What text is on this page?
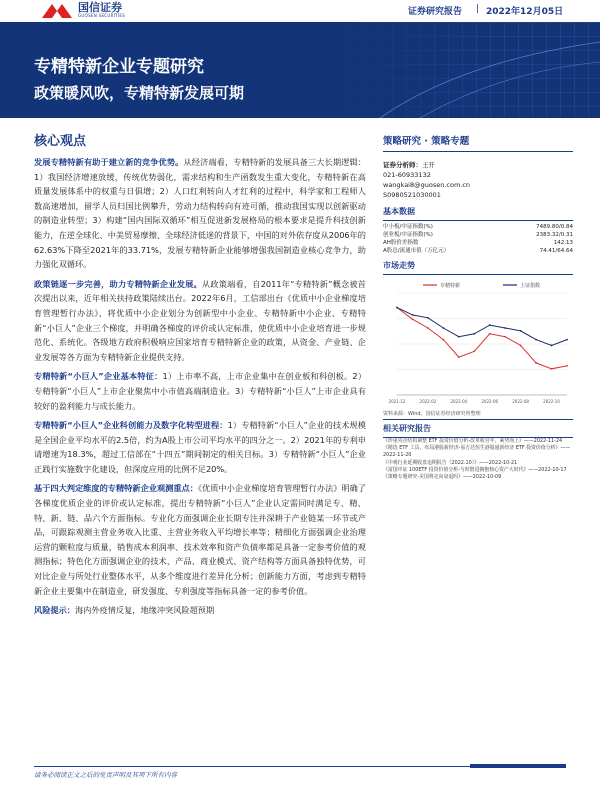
国信证券
GUOSEN SECURITIES	证券研究报告 | 2022年12月05日
专精特新企业专题研究
政策暖风吹，专精特新发展可期
核心观点

发展专精特新有助于建立新的竞争优势。从经济端看，专精特新的发展具备三大长期逻辑：1）我国经济增速放缓，传统优势弱化，需求结构和生产函数发生重大变化，专精特新在高质量发展体系中的权重与日俱增；2）人口红利转向人才红利的过程中，科学家和工程师人数高速增加，留学人员归国比例攀升，劳动力结构转向有迹可循，推动我国实现以创新驱动的制造业转型；3）构建“国内国际双循环”相互促进新发展格局的根本要求是提升科技创新能力，在逆全球化、中美贸易摩擦、全球经济低迷的背景下，中国的对外依存度从2006年的62.63%下降至2021年的33.71%，发展专精特新企业能够增强我国制造业核心竞争力，助力强化双循环。

政策链逐一步完善，助力专精特新企业发展。从政策端看，自2011年“专精特新”概念被首次提出以来，近年相关扶持政策陆续出台。2022年6月，工信部出台《优质中小企业梯度培育管理暂行办法》，将优质中小企业划分为创新型中小企业、专精特新中小企业、专精特新“小巨人”企业三个梯度，并明确各梯度的评价或认定标准，使优质中小企业培育进一步规范化、系统化。各级地方政府积极响应国家培育专精特新企业的政策，从资金、产业链、企业发展等各方面为专精特新企业提供支持。

专精特新“小巨人”企业基本特征：1）上市率不高，上市企业集中在创业板和科创板。2）专精特新“小巨人”上市企业聚焦中小市值高端制造业。3）专精特新“小巨人”上市企业具有较好的盈利能力与成长能力。

专精特新“小巨人”企业科创能力及数字化转型进程：1）专精特新“小巨人”企业的技术规模是全国企业平均水平的2.5倍，约为A股上市公司平均水平的四分之一。2）2021年的专利申请增速为18.3%，超过工信部在“十四五”期间制定的相关目标。3）专精特新“小巨人”企业正践行实施数字化建设，但深度应用的比例不足20%。

基于四大判定维度的专精特新企业观测重点：《优质中小企业梯度培育管理暂行办法》明确了各梯度优质企业的评价或认定标准，提出专精特新“小巨人”企业认定需同时满足专、精、特、新、链、品六个方面指标。专业化方面强调企业长期专注并深耕于产业链某一环节或产品，可跟踪观测主营业务收入比重、主营业务收入平均增长率等；精细化方面强调企业治理运营的颗粒度与质量，销售成本利润率、技术效率和资产负债率都是具备一定参考价值的观测指标；特色化方面强调企业的技术、产品、商业模式、资产结构等方面具备独特优势，可对比企业与所处行业整体水平，从多个维度进行差异化分析；创新能力方面，考虑到专精特新企业主要集中在制造业，研发强度、专利强度等指标具备一定的参考价值。

风险提示：海内外疫情反复，地缘冲突风险超预期

策略研究 · 策略专题
证券分析师：王开
021-60933132
wangkai8@guosen.com.cn
S0980521030001
基本数据
中小板/中证指数(%)	7489.80/0.84
创业板/中证指数(%)	2383.32/0.31
AH股价差指数	142.13
A股总/流通市值（万亿元）	74.41/64.64
市场走势
专精特新	上证指数
2021-12	2022-02	2022-04	2022-06	2022-08	2022-10
资料来源：Wind、国信证券经济研究所整理
相关研究报告
《珍重央企结构调整 ETF 投资价值分析-改革收官年，乘势而上》——2022-11-24
《精选 ETF 工具，布局港股新经济-易方达恒生港股通新经济 ETF 投资价值分析》——2022-11-20
《中观行业延期收盘追期报告（2022.10）》——2022-10-21
《富国中证 100ETF 投资价值分析-与时偕进拥抱核心资产大时代》——2022-10-17
《策略专题研究-美国将走向衰退吗》——2022-10-09
请务必阅读正文之后的免责声明及其项下所有内容
